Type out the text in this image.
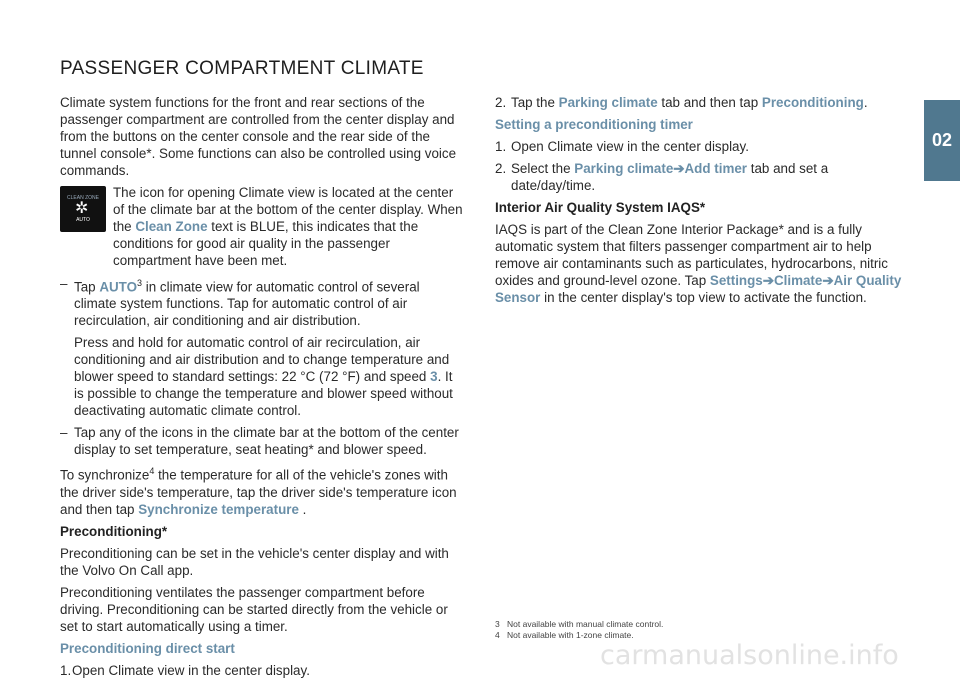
PASSENGER COMPARTMENT CLIMATE

Climate system functions for the front and rear sections of the passenger compartment are controlled from the center display and from the buttons on the center console and the rear side of the tunnel console*. Some functions can also be controlled using voice commands.

CLEAN ZONE
✲
AUTO
The icon for opening Climate view is located at the center of the climate bar at the bottom of the center display. When the Clean Zone text is BLUE, this indicates that the conditions for good air quality in the passenger compartment have been met.
– Tap AUTO$^3$ in climate view for automatic control of several climate system functions. Tap for automatic control of air recirculation, air conditioning and air distribution.

Press and hold for automatic control of air recirculation, air conditioning and air distribution and to change temperature and blower speed to standard settings: 22 °C (72 °F) and speed 3. It is possible to change the temperature and blower speed without deactivating automatic climate control.

– Tap any of the icons in the climate bar at the bottom of the center display to set temperature, seat heating* and blower speed.

To synchronize$^4$ the temperature for all of the vehicle's zones with the driver side's temperature, tap the driver side's temperature icon and then tap Synchronize temperature .

Preconditioning*

Preconditioning can be set in the vehicle's center display and with the Volvo On Call app.

Preconditioning ventilates the passenger compartment before driving. Preconditioning can be started directly from the vehicle or set to start automatically using a timer.

Preconditioning direct start

1. Open Climate view in the center display.
2. Tap the Parking climate tab and then tap Preconditioning.

Setting a preconditioning timer

1. Open Climate view in the center display.
2. Select the Parking climate➔Add timer tab and set a date/day/time.

Interior Air Quality System IAQS*

IAQS is part of the Clean Zone Interior Package* and is a fully automatic system that filters passenger compartment air to help remove air contaminants such as particulates, hydrocarbons, nitric oxides and ground-level ozone. Tap Settings➔Climate➔Air Quality Sensor in the center display's top view to activate the function.

3 Not available with manual climate control.
4 Not available with 1-zone climate.
02
carmanualsonline.info
